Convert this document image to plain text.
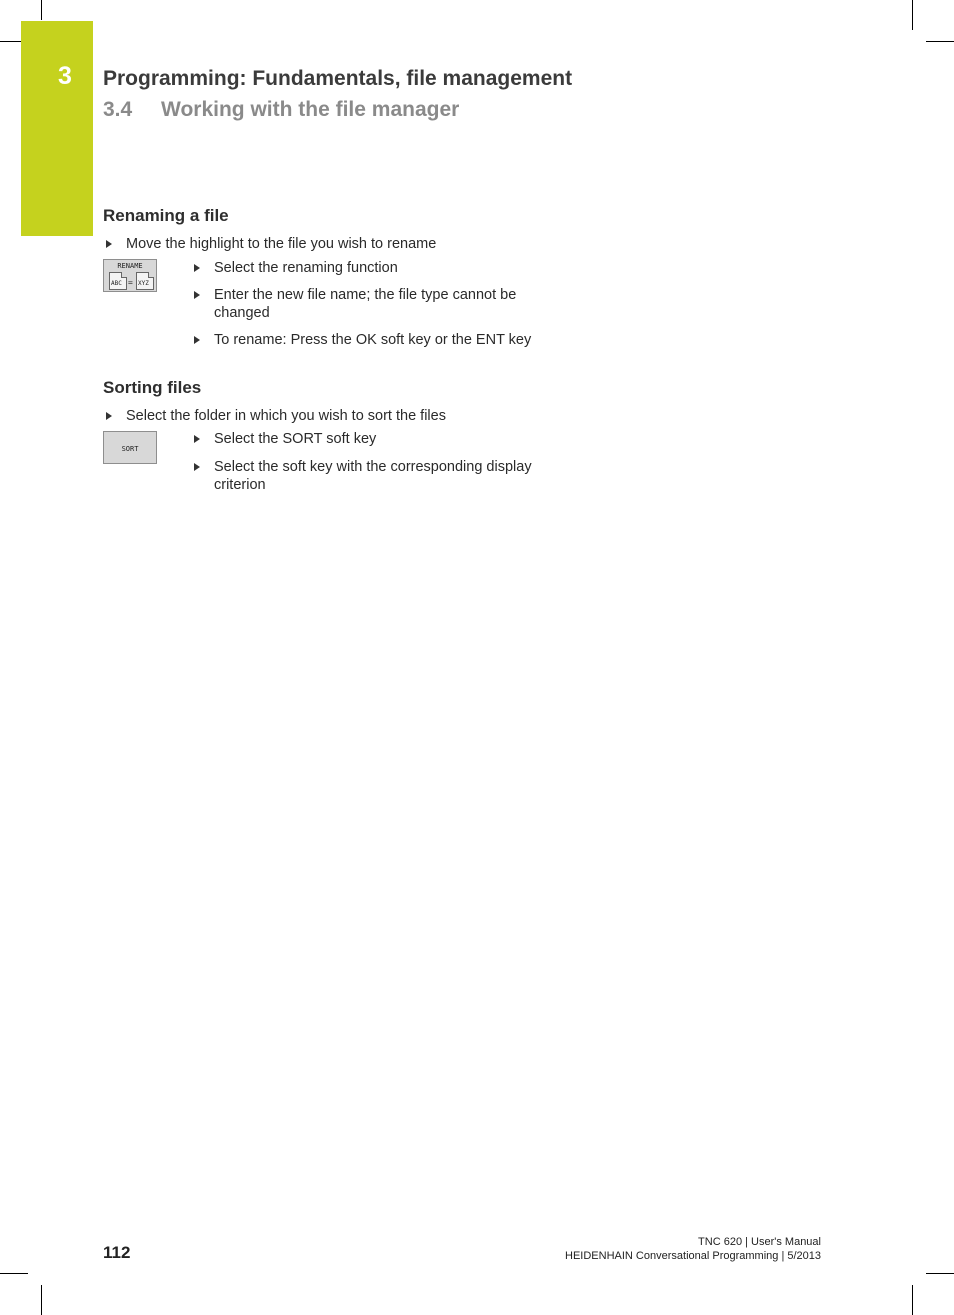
3 Programming: Fundamentals, file management
3.4 Working with the file manager
Renaming a file
Move the highlight to the file you wish to rename
RENAME
ABC = XYZ
Select the renaming function
Enter the new file name; the file type cannot be changed
To rename: Press the OK soft key or the ENT key
Sorting files
Select the folder in which you wish to sort the files
SORT
Select the SORT soft key
Select the soft key with the corresponding display criterion
112
TNC 620 | User's Manual
HEIDENHAIN Conversational Programming | 5/2013
